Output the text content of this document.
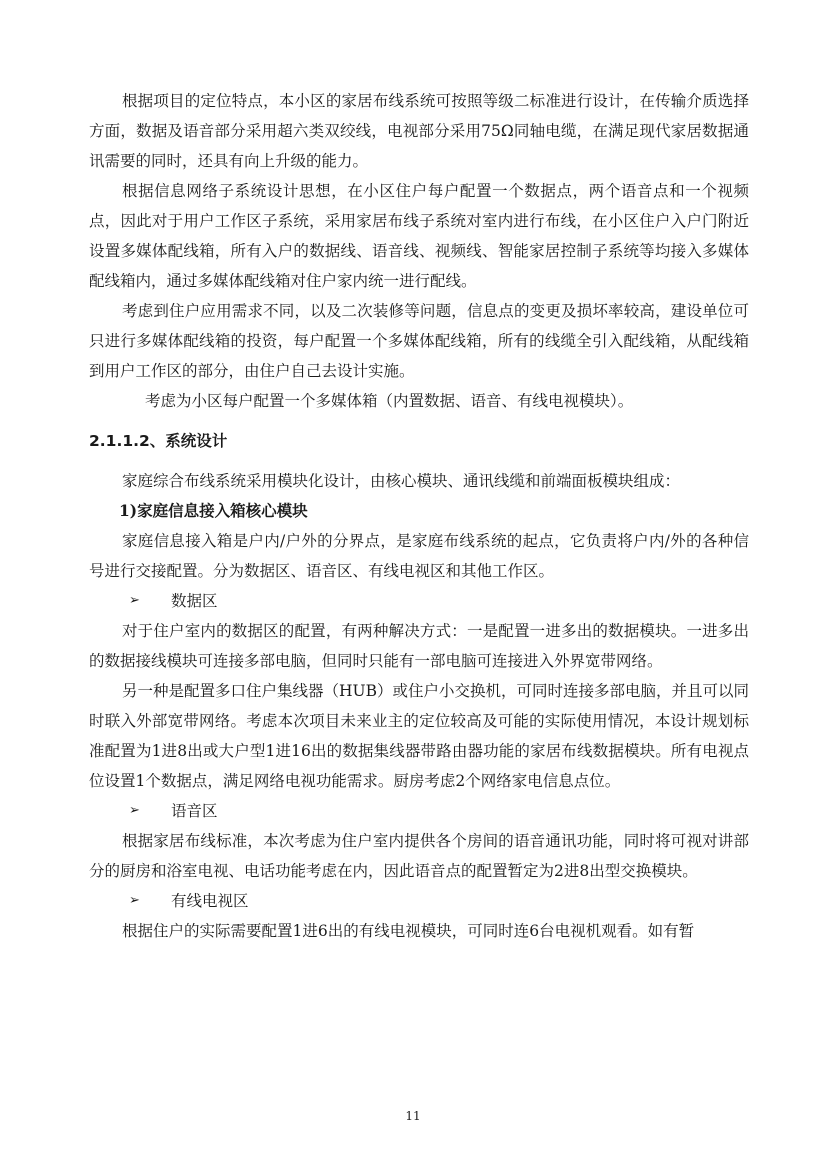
根据项目的定位特点，本小区的家居布线系统可按照等级二标准进行设计，在传输介质选择方面，数据及语音部分采用超六类双绞线，电视部分采用75Ω同轴电缆，在满足现代家居数据通讯需要的同时，还具有向上升级的能力。

根据信息网络子系统设计思想，在小区住户每户配置一个数据点，两个语音点和一个视频点，因此对于用户工作区子系统，采用家居布线子系统对室内进行布线，在小区住户入户门附近设置多媒体配线箱，所有入户的数据线、语音线、视频线、智能家居控制子系统等均接入多媒体配线箱内，通过多媒体配线箱对住户家内统一进行配线。

考虑到住户应用需求不同，以及二次装修等问题，信息点的变更及损坏率较高，建设单位可只进行多媒体配线箱的投资，每户配置一个多媒体配线箱，所有的线缆全引入配线箱，从配线箱到用户工作区的部分，由住户自己去设计实施。

考虑为小区每户配置一个多媒体箱（内置数据、语音、有线电视模块）。

2.1.1.2、系统设计

家庭综合布线系统采用模块化设计，由核心模块、通讯线缆和前端面板模块组成：

1)家庭信息接入箱核心模块

家庭信息接入箱是户内/户外的分界点，是家庭布线系统的起点，它负责将户内/外的各种信号进行交接配置。分为数据区、语音区、有线电视区和其他工作区。

➢ 数据区

对于住户室内的数据区的配置，有两种解决方式：一是配置一进多出的数据模块。一进多出的数据接线模块可连接多部电脑，但同时只能有一部电脑可连接进入外界宽带网络。

另一种是配置多口住户集线器（HUB）或住户小交换机，可同时连接多部电脑，并且可以同时联入外部宽带网络。考虑本次项目未来业主的定位较高及可能的实际使用情况，本设计规划标准配置为1进8出或大户型1进16出的数据集线器带路由器功能的家居布线数据模块。所有电视点位设置1个数据点，满足网络电视功能需求。厨房考虑2个网络家电信息点位。

➢ 语音区

根据家居布线标准，本次考虑为住户室内提供各个房间的语音通讯功能，同时将可视对讲部分的厨房和浴室电视、电话功能考虑在内，因此语音点的配置暂定为2进8出型交换模块。

➢ 有线电视区

根据住户的实际需要配置1进6出的有线电视模块，可同时连6台电视机观看。如有暂

11
